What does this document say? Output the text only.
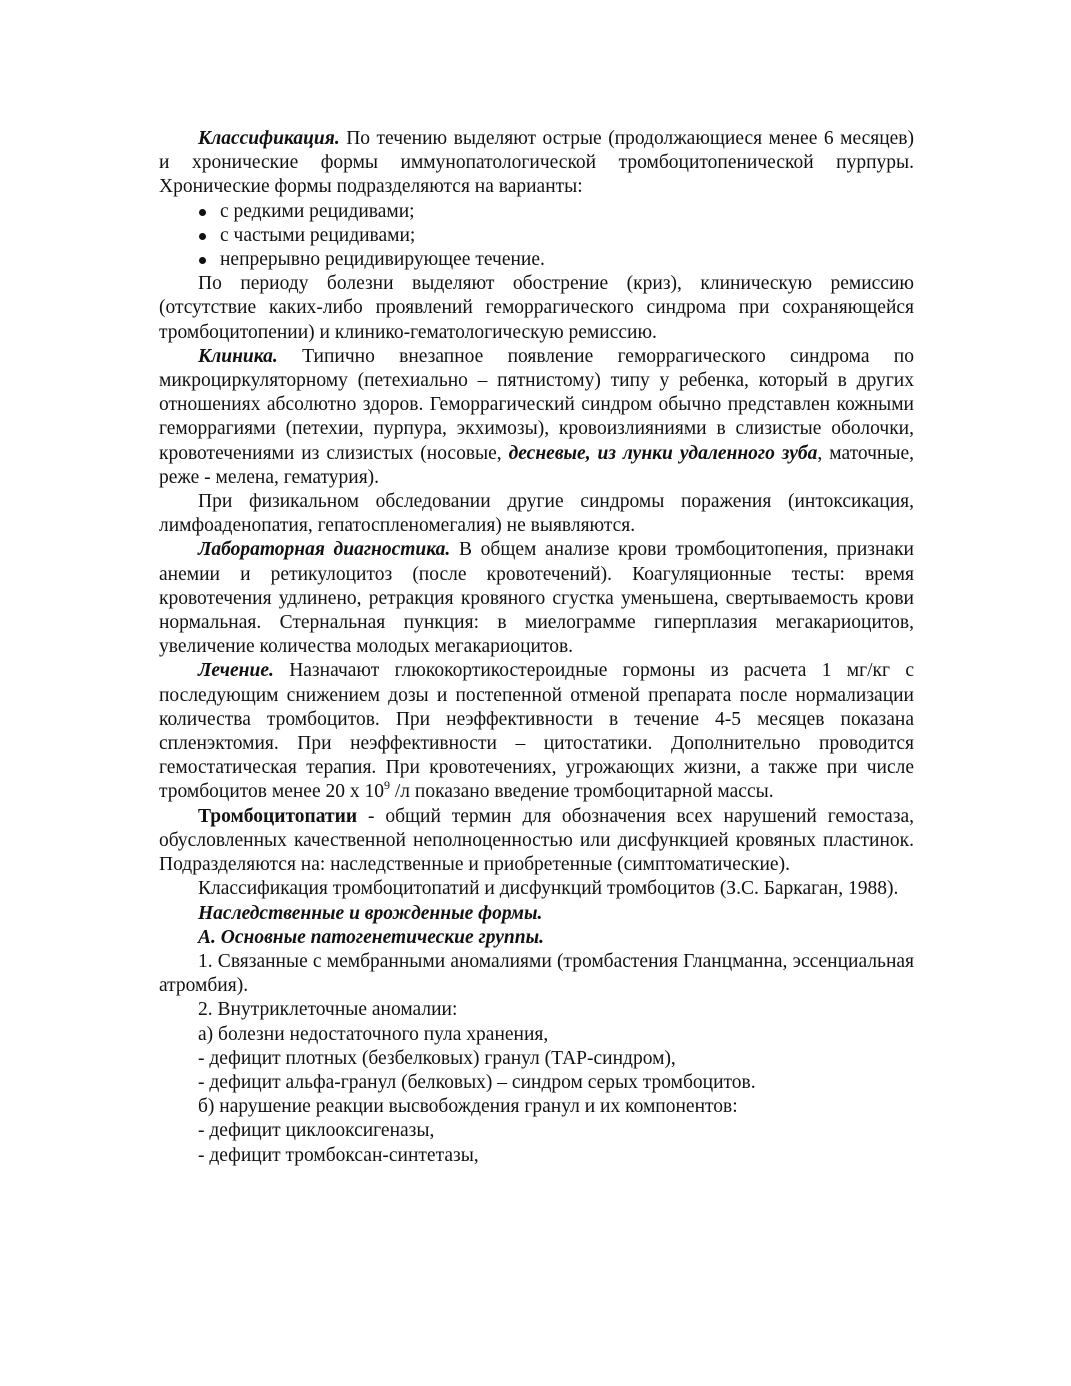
Классификация. По течению выделяют острые (продолжающиеся менее 6 месяцев) и хронические формы иммунопатологической тромбоцитопенической пурпуры. Хронические формы подразделяются на варианты:

с редкими рецидивами;
с частыми рецидивами;
непрерывно рецидивирующее течение.

По периоду болезни выделяют обострение (криз), клиническую ремиссию (отсутствие каких-либо проявлений геморрагического синдрома при сохраняющейся тромбоцитопении) и клинико-гематологическую ремиссию.

Клиника. Типично внезапное появление геморрагического синдрома по микроциркуляторному (петехиально – пятнистому) типу у ребенка, который в других отношениях абсолютно здоров. Геморрагический синдром обычно представлен кожными геморрагиями (петехии, пурпура, экхимозы), кровоизлияниями в слизистые оболочки, кровотечениями из слизистых (носовые, десневые, из лунки удаленного зуба, маточные, реже - мелена, гематурия).

При физикальном обследовании другие синдромы поражения (интоксикация, лимфоаденопатия, гепатоспленомегалия) не выявляются.

Лабораторная диагностика. В общем анализе крови тромбоцитопения, признаки анемии и ретикулоцитоз (после кровотечений). Коагуляционные тесты: время кровотечения удлинено, ретракция кровяного сгустка уменьшена, свертываемость крови нормальная. Стернальная пункция: в миелограмме гиперплазия мегакариоцитов, увеличение количества молодых мегакариоцитов.

Лечение. Назначают глюкокортикостероидные гормоны из расчета 1 мг/кг с последующим снижением дозы и постепенной отменой препарата после нормализации количества тромбоцитов. При неэффективности в течение 4-5 месяцев показана спленэктомия. При неэффективности – цитостатики. Дополнительно проводится гемостатическая терапия. При кровотечениях, угрожающих жизни, а также при числе тромбоцитов менее 20 х $10^9$ /л показано введение тромбоцитарной массы.

Тромбоцитопатии - общий термин для обозначения всех нарушений гемостаза, обусловленных качественной неполноценностью или дисфункцией кровяных пластинок. Подразделяются на: наследственные и приобретенные (симптоматические).

Классификация тромбоцитопатий и дисфункций тромбоцитов (З.С. Баркаган, 1988).

Наследственные и врожденные формы.

А. Основные патогенетические группы.

1. Связанные с мембранными аномалиями (тромбастения Гланцманна, эссенциальная атромбия).

2. Внутриклеточные аномалии:

а) болезни недостаточного пула хранения,

- дефицит плотных (безбелковых) гранул (ТАР-синдром),

- дефицит альфа-гранул (белковых) – синдром серых тромбоцитов.

б) нарушение реакции высвобождения гранул и их компонентов:

- дефицит циклооксигеназы,

- дефицит тромбоксан-синтетазы,
